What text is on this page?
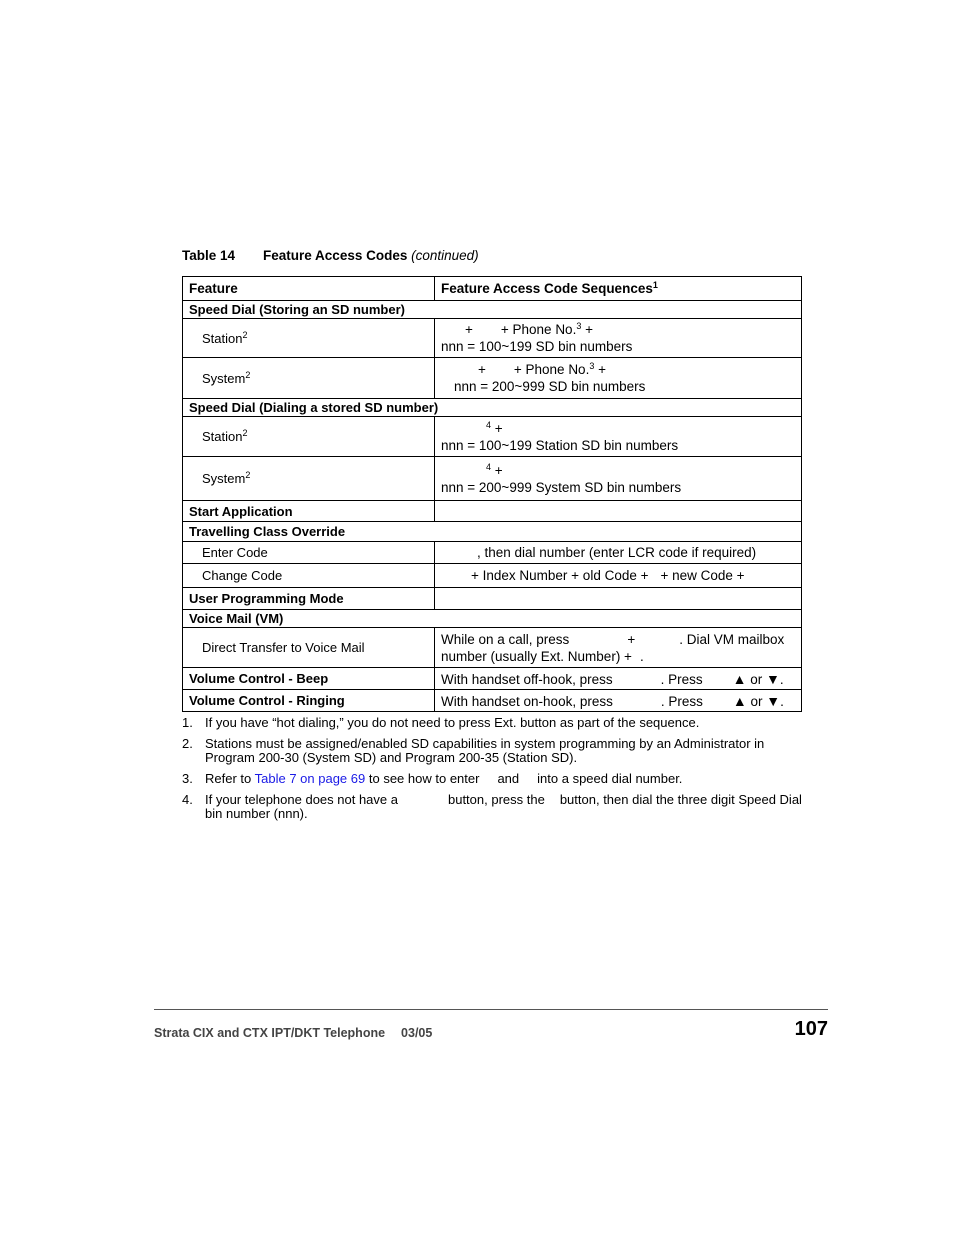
Table 14 Feature Access Codes (continued)
Feature	Feature Access Code Sequences$^1$
Speed Dial (Storing an SD number)	
Station$^2$	+ + Phone No.$^3$ +
nnn = 100~199 SD bin numbers
System$^2$	+ + Phone No.$^3$ +
nnn = 200~999 SD bin numbers
Speed Dial (Dialing a stored SD number)	
Station$^2$	$^4$ +
nnn = 100~199 Station SD bin numbers
System$^2$	$^4$ +
nnn = 200~999 System SD bin numbers
Start Application	
Travelling Class Override	
Enter Code	, then dial number (enter LCR code if required)
Change Code	+ Index Number + old Code + + new Code +
User Programming Mode	
Voice Mail (VM)	
Direct Transfer to Voice Mail	While on a call, press + . Dial VM mailbox
number (usually Ext. Number) + .
Volume Control - Beep	With handset off-hook, press . Press ▲ or ▼.
Volume Control - Ringing	With handset on-hook, press . Press ▲ or ▼.
1. If you have “hot dialing,” you do not need to press Ext. button as part of the sequence.
2. Stations must be assigned/enabled SD capabilities in system programming by an Administrator in Program 200-30 (System SD) and Program 200-35 (Station SD).
3. Refer to Table 7 on page 69 to see how to enter and into a speed dial number.
4. If your telephone does not have a	button, press the button, then dial the three digit Speed Dial bin number (nnn).
Strata CIX and CTX IPT/DKT Telephone 03/05	107
